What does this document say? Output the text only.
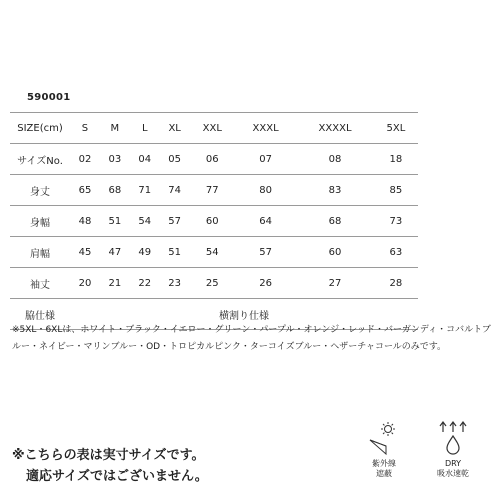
590001
SIZE(cm)	S	M	L	XL	XXL	XXXL	XXXXL	5XL
サイズNo.	02	03	04	05	06	07	08	18
身丈	65	68	71	74	77	80	83	85
身幅	48	51	54	57	60	64	68	73
肩幅	45	47	49	51	54	57	60	63
袖丈	20	21	22	23	25	26	27	28
脇仕様	横割り仕様							
※5XL・6XLは、ホワイト・ブラック・イエロー・グリーン・パープル・オレンジ・レッド・バーガンディ・コバルトブルー・ネイビー・マリンブルー・OD・トロピカルピンク・ターコイズブルー・ヘザーチャコールのみです。
※こちらの表は実寸サイズです。
適応サイズではございません。
紫外線
遮蔽
DRY
吸水速乾
